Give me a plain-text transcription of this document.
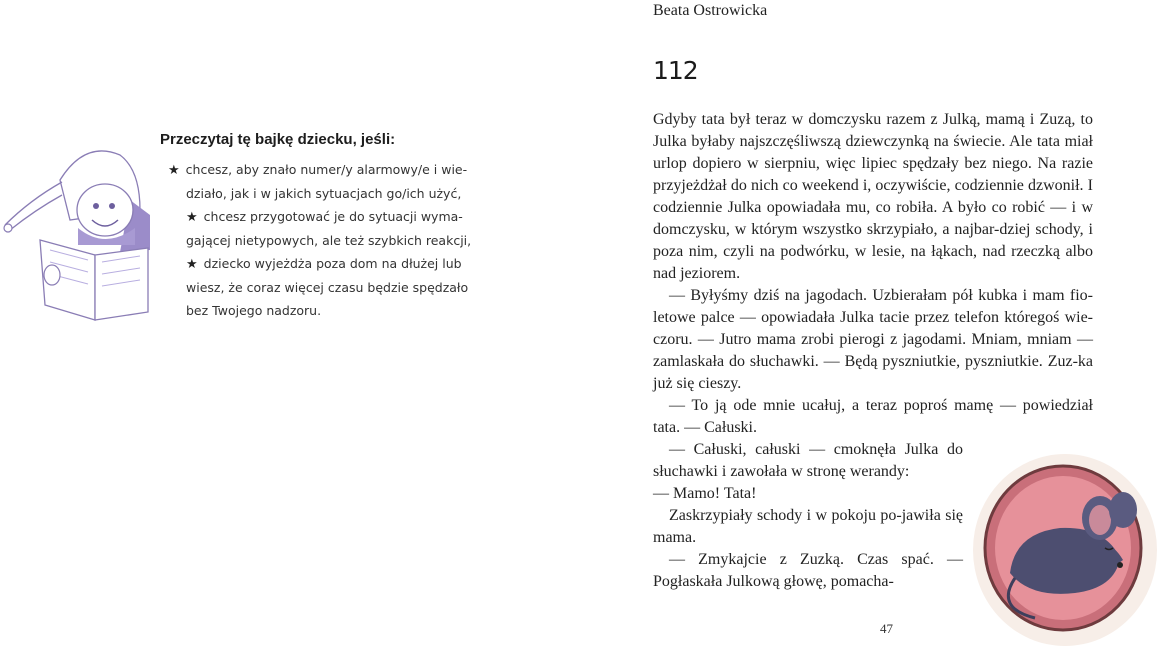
Przeczytaj tę bajkę dziecku, jeśli:
★ chcesz, aby znało numer/y alarmowy/e i wie-
działo, jak i w jakich sytuacjach go/ich użyć,
★ chcesz przygotować je do sytuacji wyma-
gającej nietypowych, ale też szybkich reakcji,
★ dziecko wyjeżdża poza dom na dłużej lub
wiesz, że coraz więcej czasu będzie spędzało
bez Twojego nadzoru.
Beata Ostrowicka
112

Gdyby tata był teraz w domczysku razem z Julką, mamą i Zuzą, to Julka byłaby najszczęśliwszą dziewczynką na świecie. Ale tata miał urlop dopiero w sierpniu, więc lipiec spędzały bez niego. Na razie przyjeżdżał do nich co weekend i, oczywiście, codziennie dzwonił. I codziennie Julka opowiadała mu, co robiła. A było co robić — i w domczysku, w którym wszystko skrzypiało, a najbar-dziej schody, i poza nim, czyli na podwórku, w lesie, na łąkach, nad rzeczką albo nad jeziorem.

— Byłyśmy dziś na jagodach. Uzbierałam pół kubka i mam fio-letowe palce — opowiadała Julka tacie przez telefon któregoś wie-czoru. — Jutro mama zrobi pierogi z jagodami. Mniam, mniam — zamlaskała do słuchawki. — Będą pyszniutkie, pyszniutkie. Zuz-ka już się cieszy.

— To ją ode mnie ucałuj, a teraz poproś mamę — powiedział tata. — Całuski.

— Całuski, całuski — cmoknęła Julka do słuchawki i zawołała w stronę werandy:

— Mamo! Tata!

Zaskrzypiały schody i w pokoju po-jawiła się mama.

— Zmykajcie z Zuzką. Czas spać. — Pogłaskała Julkową głowę, pomacha-

47
